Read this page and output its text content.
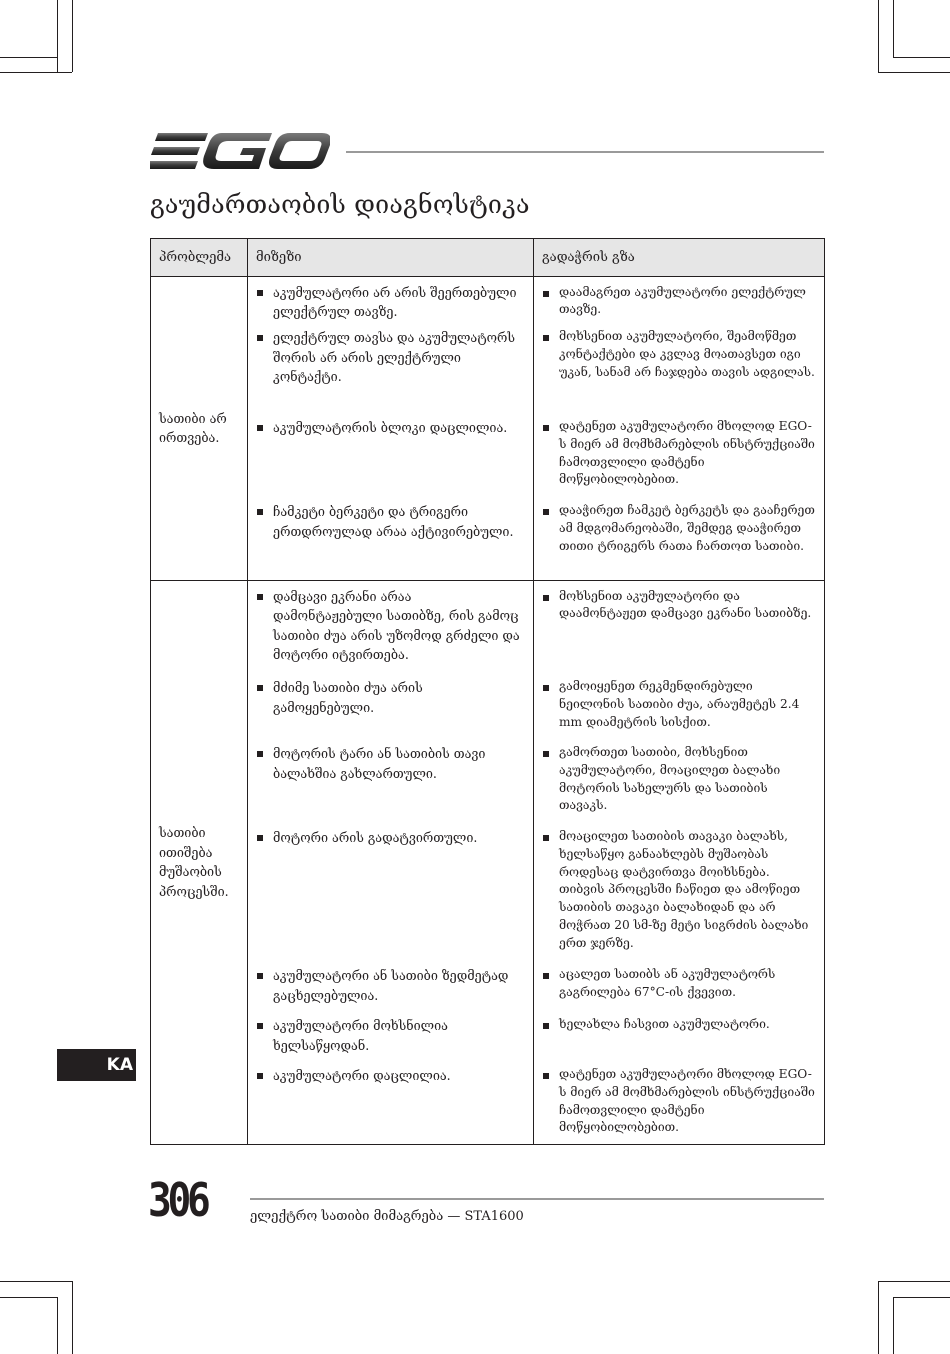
გაუმართაობის დიაგნოსტიკა
პრობლემა	მიზეზი	გადაჭრის გზა

სათიბი არ ირთვება.	აკუმულატორი არ არის შეერთებული ელექტრულ თავზე.	დაამაგრეთ აკუმულატორი ელექტრულ თავზე.

	ელექტრულ თავსა და აკუმულატორს შორის არ არის ელექტრული კონტაქტი.	მოხსენით აკუმულატორი, შეამოწმეთ კონტაქტები და კვლავ მოათავსეთ იგი უკან, სანამ არ ჩაჯდება თავის ადგილას.

	აკუმულატორის ბლოკი დაცლილია.	დატენეთ აკუმულატორი მხოლოდ EGO-ს მიერ ამ მომხმარებლის ინსტრუქციაში ჩამოთვლილი დამტენი მოწყობილობებით.

	ჩამკეტი ბერკეტი და ტრიგერი ერთდროულად არაა აქტივირებული.	დააჭირეთ ჩამკეტ ბერკეტს და გააჩერეთ ამ მდგომარეობაში, შემდეგ დააჭირეთ თითი ტრიგერს რათა ჩართოთ სათიბი.

სათიბი ითიშება მუშაობის პროცესში.	დამცავი ეკრანი არაა დამონტაჟებული სათიბზე, რის გამოც სათიბი ძუა არის უზომოდ გრძელი და მოტორი იტვირთება.	მოხსენით აკუმულატორი და დაამონტაჟეთ დამცავი ეკრანი სათიბზე.

	მძიმე სათიბი ძუა არის გამოყენებული.	გამოიყენეთ რეკმენდირებული ნეილონის სათიბი ძუა, არაუმეტეს 2.4 mm დიამეტრის სისქით.

	მოტორის ტარი ან სათიბის თავი ბალახშია გახლართული.	გამორთეთ სათიბი, მოხსენით აკუმულატორი, მოაცილეთ ბალახი მოტორის სახელურს და სათიბის თავაკს.

	მოტორი არის გადატვირთული.	მოაცილეთ სათიბის თავაკი ბალახს, ხელსაწყო განაახლებს მუშაობას როდესაც დატვირთვა მოიხსნება. თიბვის პროცესში ჩაწიეთ და ამოწიეთ სათიბის თავაკი ბალახიდან და არ მოჭრათ 20 სმ-ზე მეტი სიგრძის ბალახი ერთ ჯერზე.

	აკუმულატორი ან სათიბი ზედმეტად გაცხელებულია.	აცალეთ სათიბს ან აკუმულატორს გაგრილება 67°C-ის ქვევით.

	აკუმულატორი მოხსნილია ხელსაწყოდან.	ხელახლა ჩასვით აკუმულატორი.

	აკუმულატორი დაცლილია.	დატენეთ აკუმულატორი მხოლოდ EGO-ს მიერ ამ მომხმარებლის ინსტრუქციაში ჩამოთვლილი დამტენი მოწყობილობებით.
KA
306	ელექტრო სათიბი მიმაგრება — STA1600
